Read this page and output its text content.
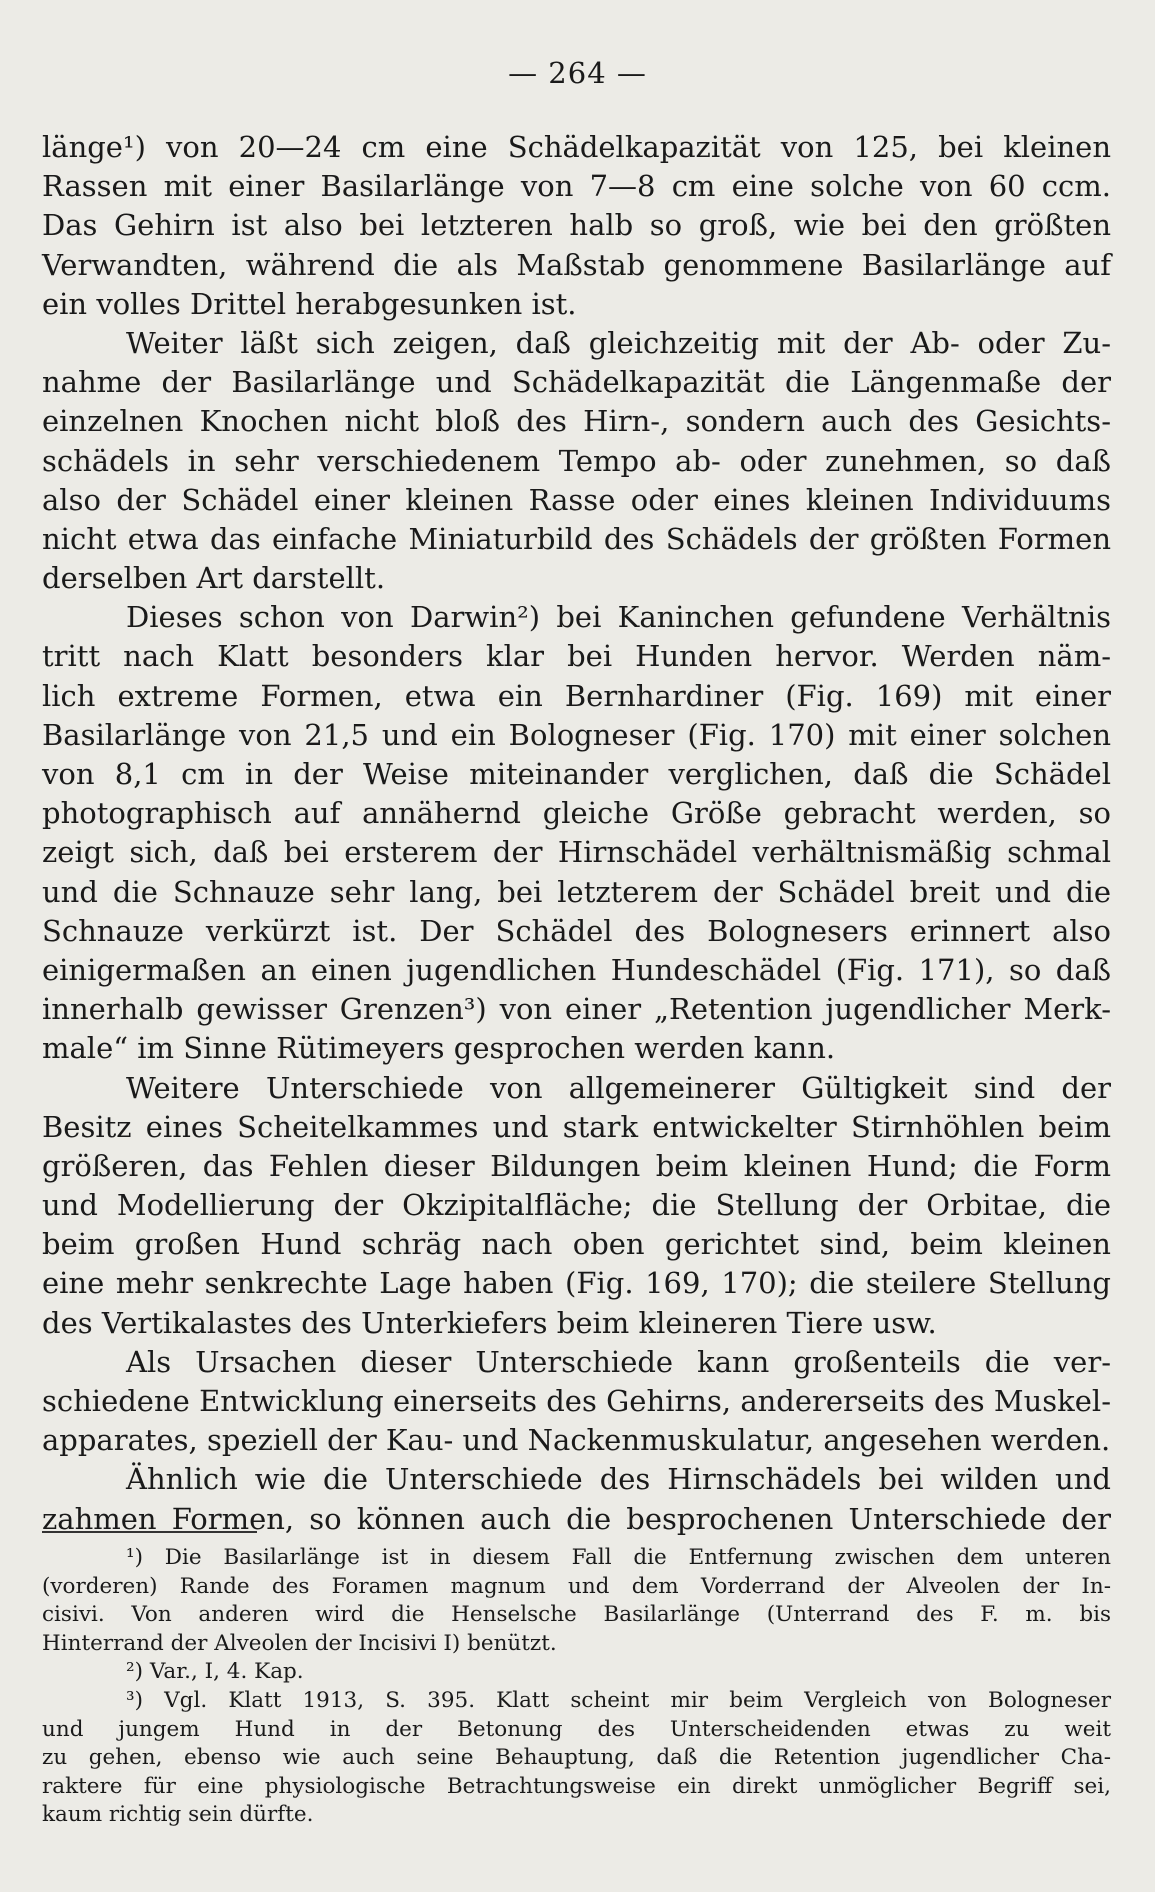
— 264 —
länge¹) von 20—24 cm eine Schädelkapazität von 125, bei kleinen
Rassen mit einer Basilarlänge von 7—8 cm eine solche von 60 ccm.
Das Gehirn ist also bei letzteren halb so groß, wie bei den größten
Verwandten, während die als Maßstab genommene Basilarlänge auf
ein volles Drittel herabgesunken ist.
Weiter läßt sich zeigen, daß gleichzeitig mit der Ab- oder Zu-
nahme der Basilarlänge und Schädelkapazität die Längenmaße der
einzelnen Knochen nicht bloß des Hirn-, sondern auch des Gesichts-
schädels in sehr verschiedenem Tempo ab- oder zunehmen, so daß
also der Schädel einer kleinen Rasse oder eines kleinen Individuums
nicht etwa das einfache Miniaturbild des Schädels der größten Formen
derselben Art darstellt.
Dieses schon von Darwin²) bei Kaninchen gefundene Verhältnis
tritt nach Klatt besonders klar bei Hunden hervor. Werden näm-
lich extreme Formen, etwa ein Bernhardiner (Fig. 169) mit einer
Basilarlänge von 21,5 und ein Bologneser (Fig. 170) mit einer solchen
von 8,1 cm in der Weise miteinander verglichen, daß die Schädel
photographisch auf annähernd gleiche Größe gebracht werden, so
zeigt sich, daß bei ersterem der Hirnschädel verhältnismäßig schmal
und die Schnauze sehr lang, bei letzterem der Schädel breit und die
Schnauze verkürzt ist. Der Schädel des Bolognesers erinnert also
einigermaßen an einen jugendlichen Hundeschädel (Fig. 171), so daß
innerhalb gewisser Grenzen³) von einer „Retention jugendlicher Merk-
male“ im Sinne Rütimeyers gesprochen werden kann.
Weitere Unterschiede von allgemeinerer Gültigkeit sind der
Besitz eines Scheitelkammes und stark entwickelter Stirnhöhlen beim
größeren, das Fehlen dieser Bildungen beim kleinen Hund; die Form
und Modellierung der Okzipitalfläche; die Stellung der Orbitae, die
beim großen Hund schräg nach oben gerichtet sind, beim kleinen
eine mehr senkrechte Lage haben (Fig. 169, 170); die steilere Stellung
des Vertikalastes des Unterkiefers beim kleineren Tiere usw.
Als Ursachen dieser Unterschiede kann großenteils die ver-
schiedene Entwicklung einerseits des Gehirns, andererseits des Muskel-
apparates, speziell der Kau- und Nackenmuskulatur, angesehen werden.
Ähnlich wie die Unterschiede des Hirnschädels bei wilden und
zahmen Formen, so können auch die besprochenen Unterschiede der
¹) Die Basilarlänge ist in diesem Fall die Entfernung zwischen dem unteren
(vorderen) Rande des Foramen magnum und dem Vorderrand der Alveolen der In-
cisivi. Von anderen wird die Henselsche Basilarlänge (Unterrand des F. m. bis
Hinterrand der Alveolen der Incisivi I) benützt.
²) Var., I, 4. Kap.
³) Vgl. Klatt 1913, S. 395. Klatt scheint mir beim Vergleich von Bologneser
und jungem Hund in der Betonung des Unterscheidenden etwas zu weit
zu gehen, ebenso wie auch seine Behauptung, daß die Retention jugendlicher Cha-
raktere für eine physiologische Betrachtungsweise ein direkt unmöglicher Begriff sei,
kaum richtig sein dürfte.
